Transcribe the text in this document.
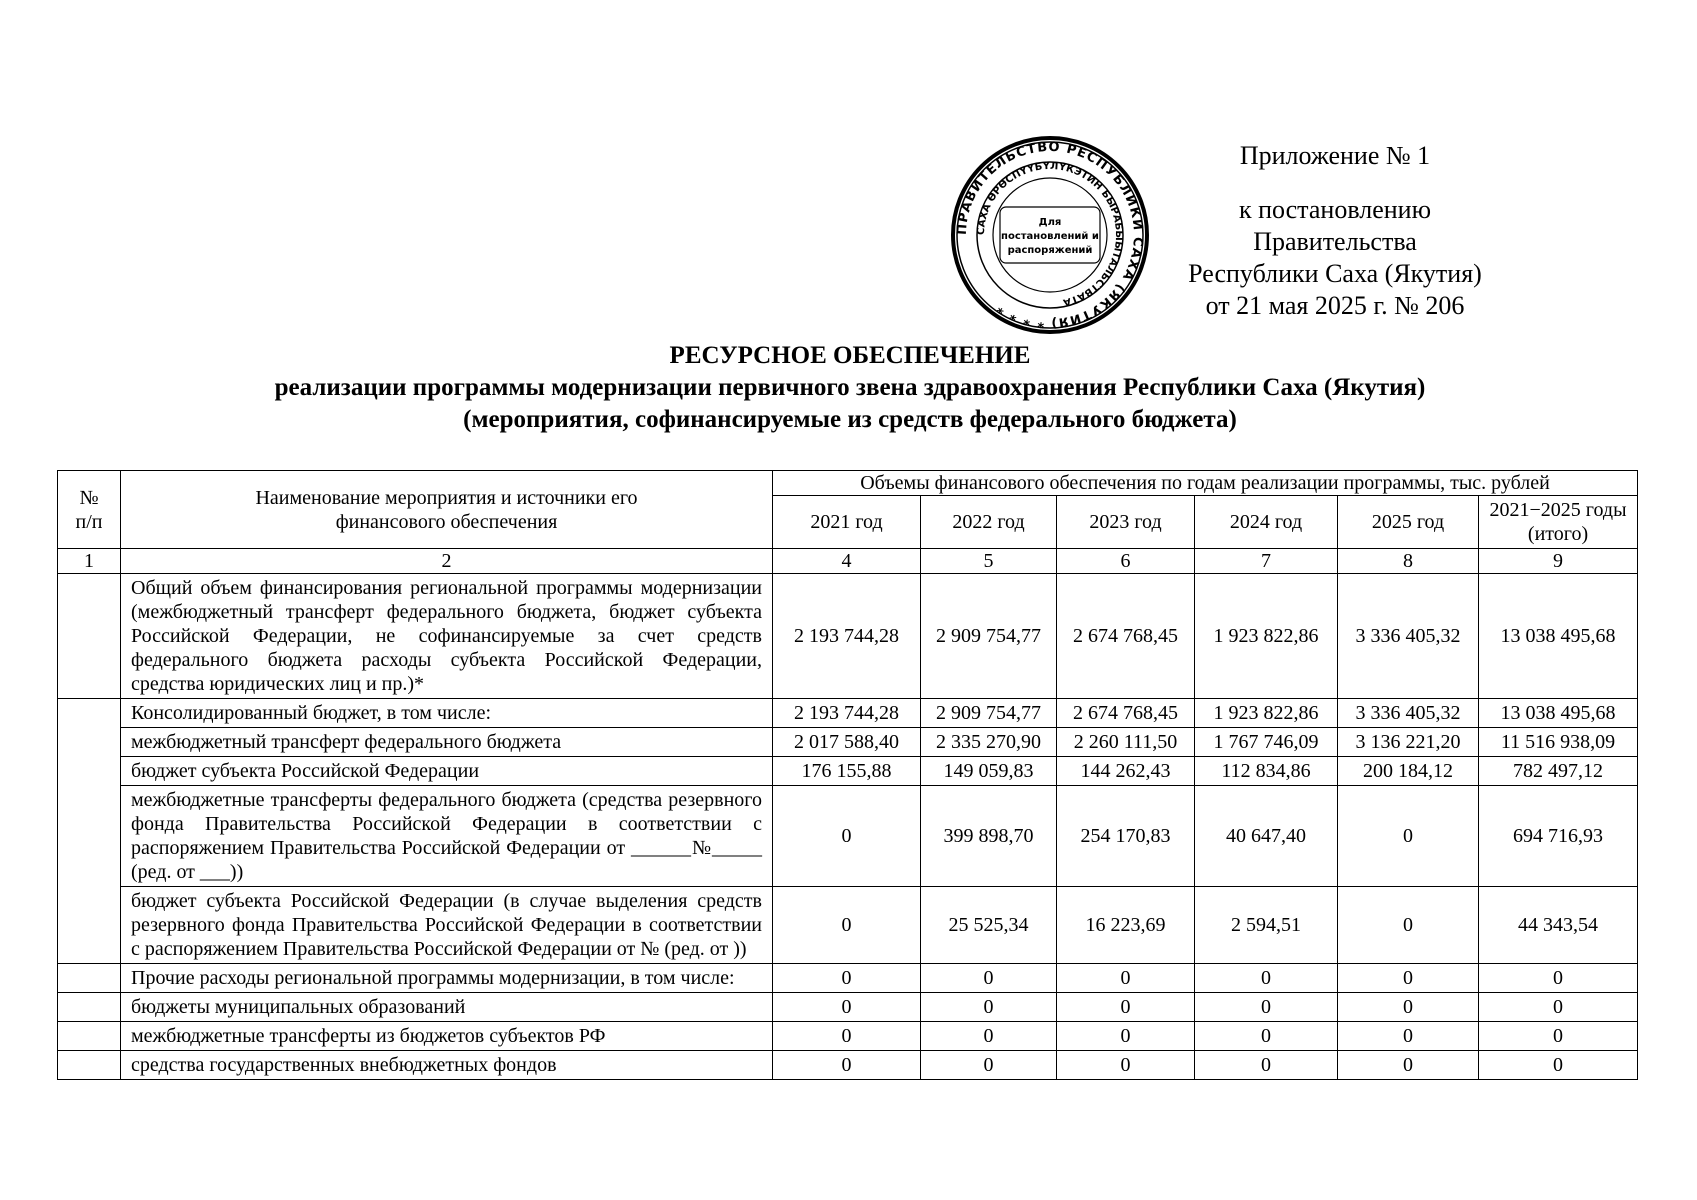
ПРАВИТЕЛЬСТВО РЕСПУБЛИКИ САХА (ЯКУТИЯ) * * * *
САХА ӨРӨСПҮҮБҮЛҮКЭТИН БЫРАБЫЫТАЛЬСТВАТА
Для
постановлений и
распоряжений
Приложение № 1
к постановлению Правительства
Республики Саха (Якутия)
от 21 мая 2025 г. № 206
РЕСУРСНОЕ ОБЕСПЕЧЕНИЕ
реализации программы модернизации первичного звена здравоохранения Республики Саха (Якутия)
(мероприятия, софинансируемые из средств федерального бюджета)
№ п/п	Наименование мероприятия и источники его финансового обеспечения	Объемы финансового обеспечения по годам реализации программы, тыс. рублей					
		2021 год	2022 год	2023 год	2024 год	2025 год	2021−2025 годы (итого)
1	2	4	5	6	7	8	9
	Общий объем финансирования региональной программы модернизации (межбюджетный трансферт федерального бюджета, бюджет субъекта Российской Федерации, не софинансируемые за счет средств федерального бюджета расходы субъекта Российской Федерации, средства юридических лиц и пр.)*	2 193 744,28	2 909 754,77	2 674 768,45	1 923 822,86	3 336 405,32	13 038 495,68
	Консолидированный бюджет, в том числе:	2 193 744,28	2 909 754,77	2 674 768,45	1 923 822,86	3 336 405,32	13 038 495,68
	межбюджетный трансферт федерального бюджета	2 017 588,40	2 335 270,90	2 260 111,50	1 767 746,09	3 136 221,20	11 516 938,09
	бюджет субъекта Российской Федерации	176 155,88	149 059,83	144 262,43	112 834,86	200 184,12	782 497,12
	межбюджетные трансферты федерального бюджета (средства резервного фонда Правительства Российской Федерации в соответствии с распоряжением Правительства Российской Федерации от ______№_____ (ред. от ___))	0	399 898,70	254 170,83	40 647,40	0	694 716,93
	бюджет субъекта Российской Федерации (в случае выделения средств резервного фонда Правительства Российской Федерации в соответствии с распоряжением Правительства Российской Федерации от № (ред. от ))	0	25 525,34	16 223,69	2 594,51	0	44 343,54
	Прочие расходы региональной программы модернизации, в том числе:	0	0	0	0	0	0
	бюджеты муниципальных образований	0	0	0	0	0	0
	межбюджетные трансферты из бюджетов субъектов РФ	0	0	0	0	0	0
	средства государственных внебюджетных фондов	0	0	0	0	0	0
